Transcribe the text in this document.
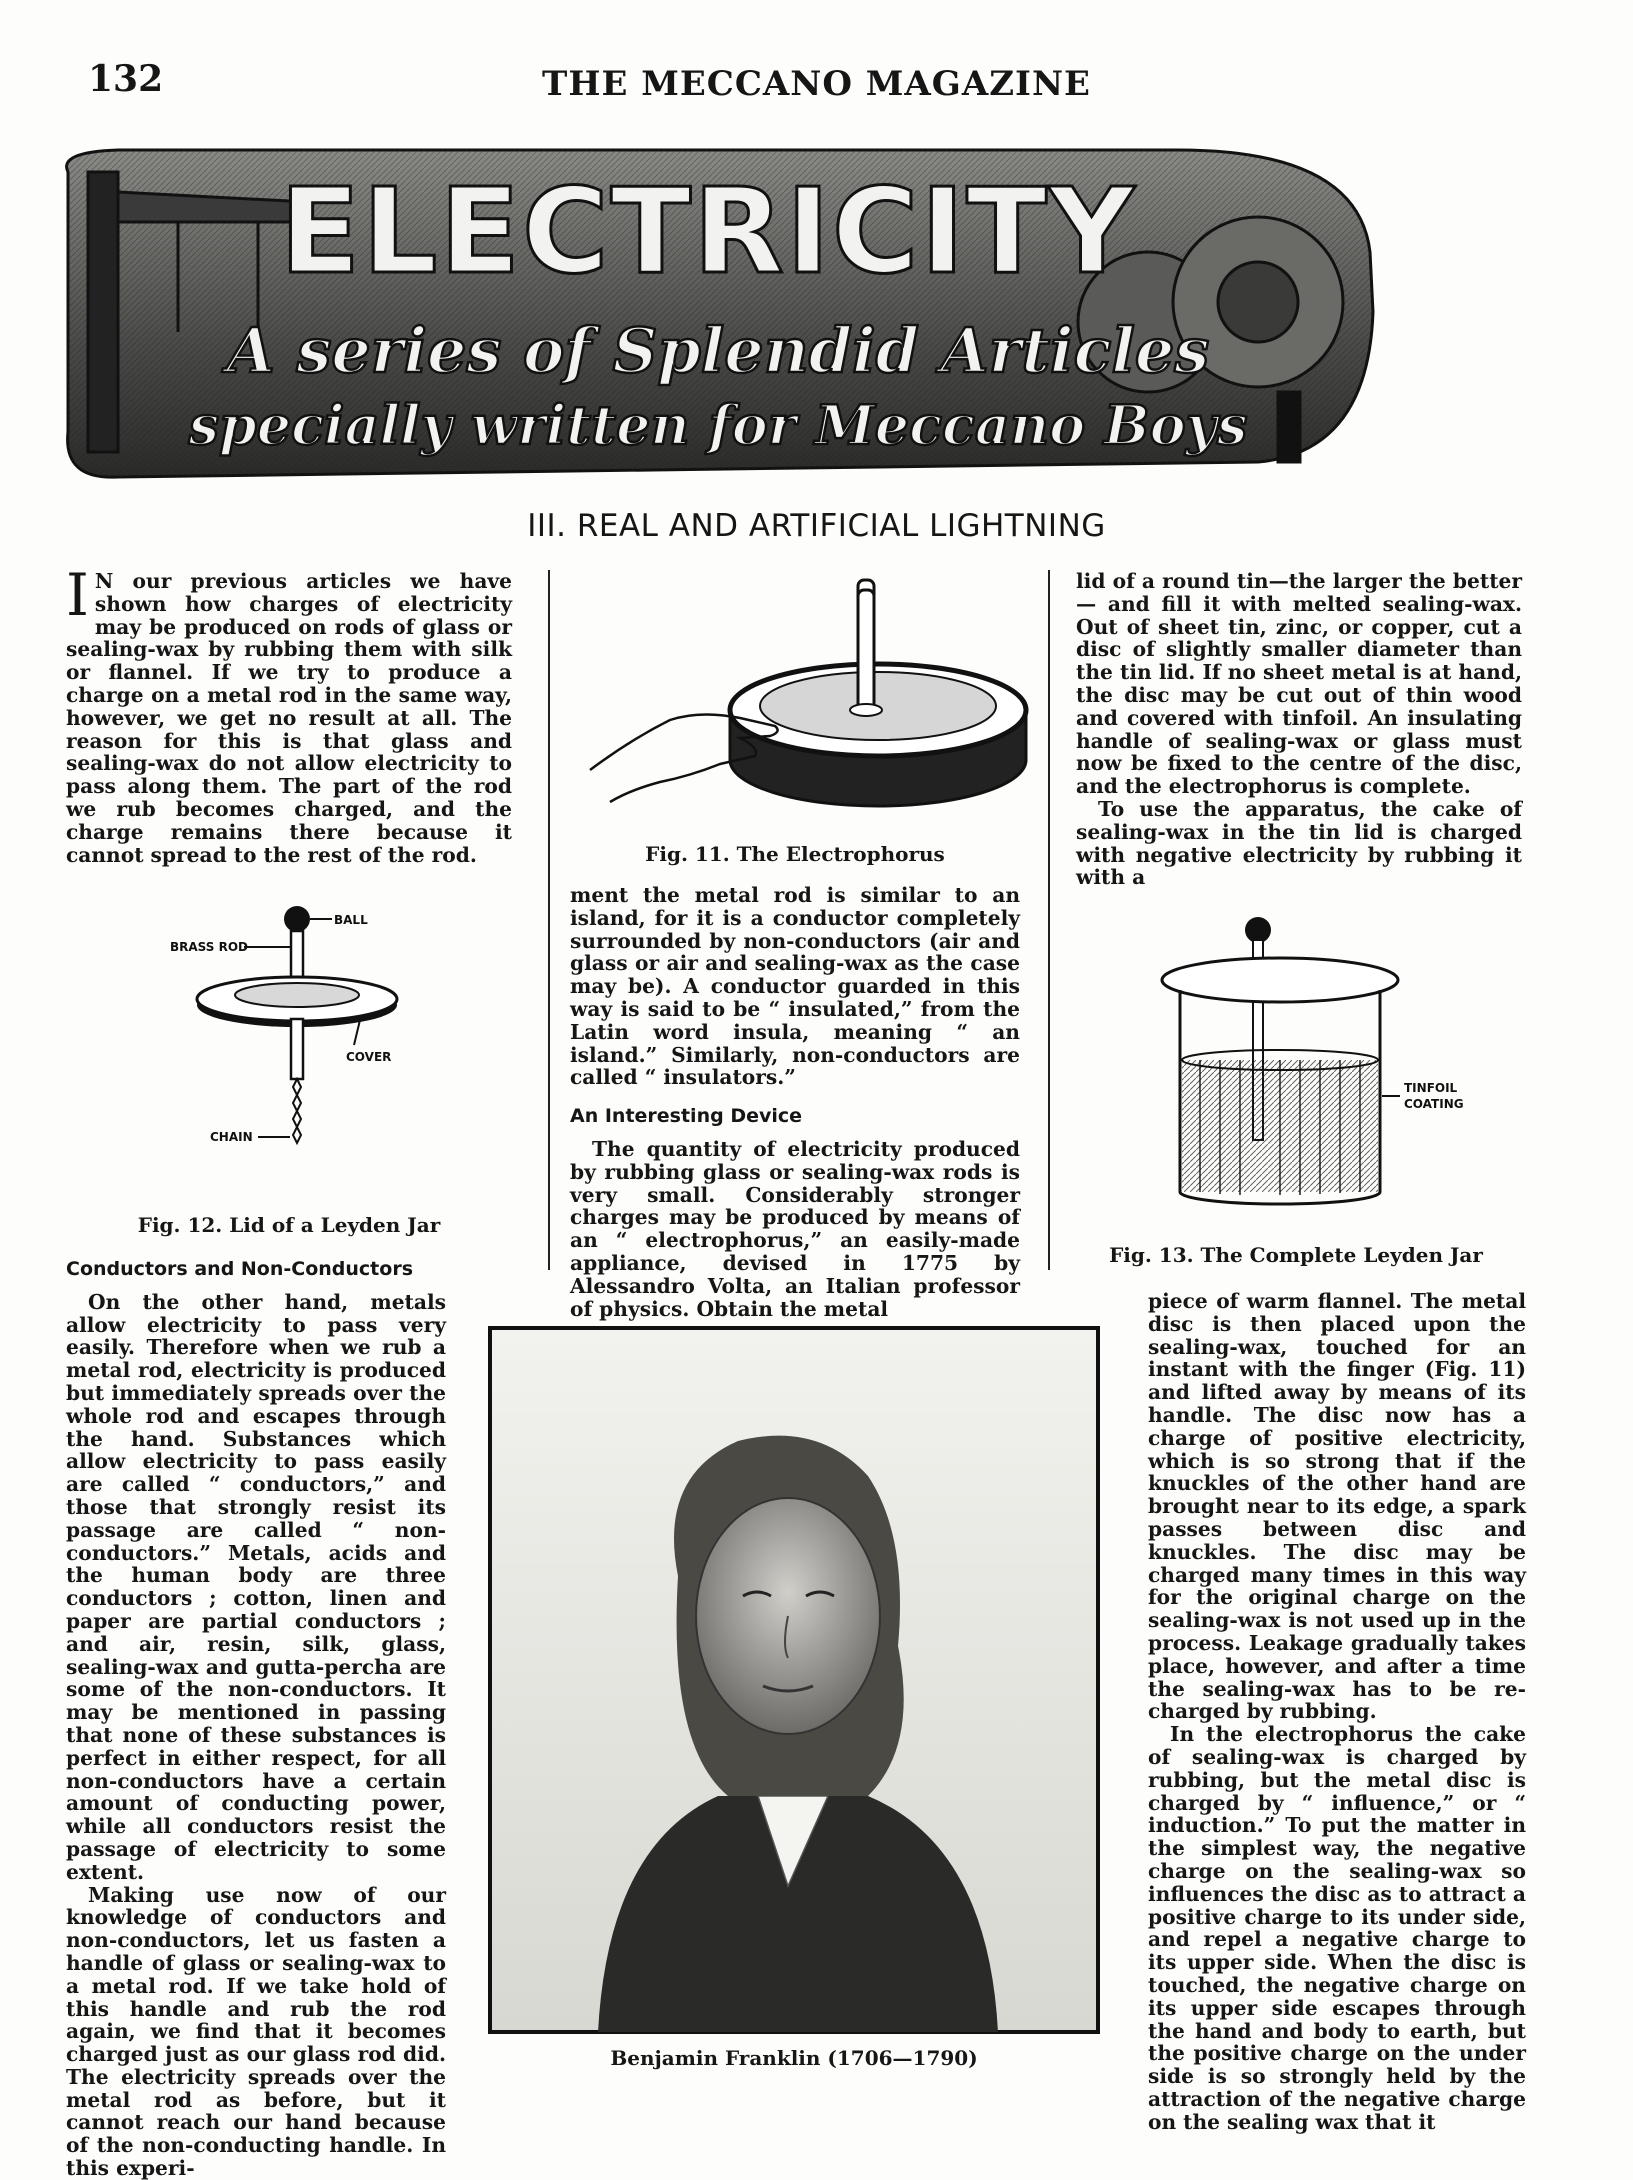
132	THE MECCANO MAGAZINE
ELECTRICITY
A series of Splendid Articles
specially written for Meccano Boys
III. REAL AND ARTIFICIAL LIGHTNING

I N our previous articles we have shown how charges of electricity may be produced on rods of glass or sealing-wax by rubbing them with silk or flannel. If we try to produce a charge on a metal rod in the same way, however, we get no result at all. The reason for this is that glass and sealing-wax do not allow electricity to pass along them. The part of the rod we rub becomes charged, and the charge remains there because it cannot spread to the rest of the rod.

BALL
BRASS ROD
COVER
CHAIN
Fig. 12. Lid of a Leyden Jar
Conductors and Non-Conductors

On the other hand, metals allow electricity to pass very easily. Therefore when we rub a metal rod, electricity is produced but immediately spreads over the whole rod and escapes through the hand. Substances which allow electricity to pass easily are called “ conductors,” and those that strongly resist its passage are called “ non-conductors.” Metals, acids and the human body are three conductors ; cotton, linen and paper are partial conductors ; and air, resin, silk, glass, sealing-wax and gutta-percha are some of the non-conductors. It may be mentioned in passing that none of these substances is perfect in either respect, for all non-conductors have a certain amount of conducting power, while all conductors resist the passage of electricity to some extent.

Making use now of our knowledge of conductors and non-conductors, let us fasten a handle of glass or sealing-wax to a metal rod. If we take hold of this handle and rub the rod again, we find that it becomes charged just as our glass rod did. The electricity spreads over the metal rod as before, but it cannot reach our hand because of the non-conducting handle. In this experi-

Fig. 11. The Electrophorus

ment the metal rod is similar to an island, for it is a conductor completely surrounded by non-conductors (air and glass or air and sealing-wax as the case may be). A conductor guarded in this way is said to be “ insulated,” from the Latin word insula, meaning “ an island.” Similarly, non-conductors are called “ insulators.”

An Interesting Device

The quantity of electricity produced by rubbing glass or sealing-wax rods is very small. Considerably stronger charges may be produced by means of an “ electrophorus,” an easily-made appliance, devised in 1775 by Alessandro Volta, an Italian professor of physics. Obtain the metal

lid of a round tin—the larger the better— and fill it with melted sealing-wax. Out of sheet tin, zinc, or copper, cut a disc of slightly smaller diameter than the tin lid. If no sheet metal is at hand, the disc may be cut out of thin wood and covered with tinfoil. An insulating handle of sealing-wax or glass must now be fixed to the centre of the disc, and the electrophorus is complete.

To use the apparatus, the cake of sealing-wax in the tin lid is charged with negative electricity by rubbing it with a

TINFOIL
COATING
Fig. 13. The Complete Leyden Jar
Benjamin Franklin (1706—1790)

piece of warm flannel. The metal disc is then placed upon the sealing-wax, touched for an instant with the finger (Fig. 11) and lifted away by means of its handle. The disc now has a charge of positive electricity, which is so strong that if the knuckles of the other hand are brought near to its edge, a spark passes between disc and knuckles. The disc may be charged many times in this way for the original charge on the sealing-wax is not used up in the process. Leakage gradually takes place, however, and after a time the sealing-wax has to be re-charged by rubbing.

In the electrophorus the cake of sealing-wax is charged by rubbing, but the metal disc is charged by “ influence,” or “ induction.” To put the matter in the simplest way, the negative charge on the sealing-wax so influences the disc as to attract a positive charge to its under side, and repel a negative charge to its upper side. When the disc is touched, the negative charge on its upper side escapes through the hand and body to earth, but the positive charge on the under side is so strongly held by the attraction of the negative charge on the sealing wax that it
